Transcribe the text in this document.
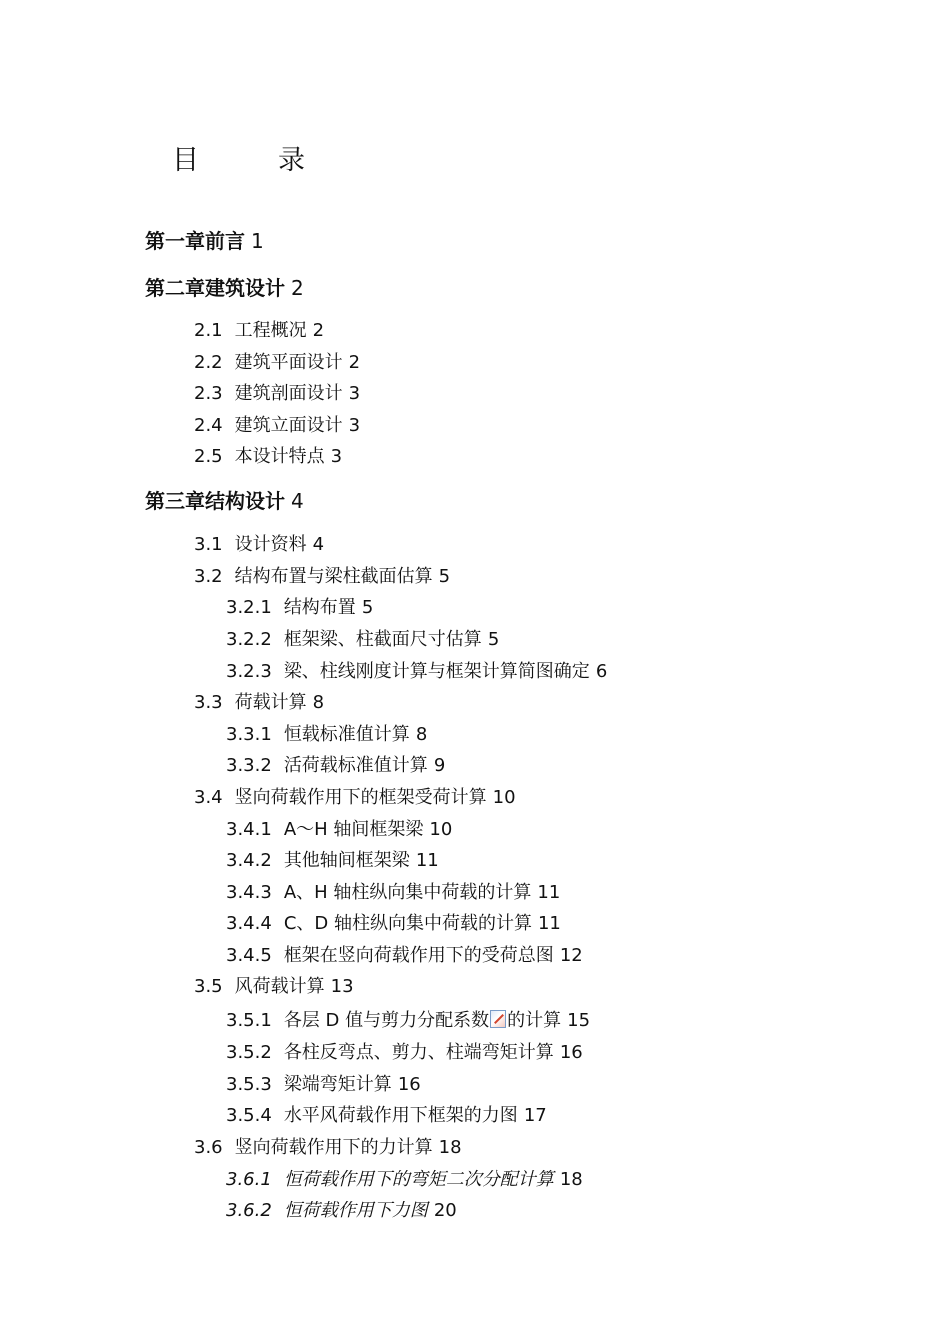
目　录
第一章前言 1
第二章建筑设计 2
2.1 工程概况 2
2.2 建筑平面设计 2
2.3 建筑剖面设计 3
2.4 建筑立面设计 3
2.5 本设计特点 3
第三章结构设计 4
3.1 设计资料 4
3.2 结构布置与梁柱截面估算 5
3.2.1 结构布置 5
3.2.2 框架梁、柱截面尺寸估算 5
3.2.3 梁、柱线刚度计算与框架计算简图确定 6
3.3 荷载计算 8
3.3.1 恒载标准值计算 8
3.3.2 活荷载标准值计算 9
3.4 竖向荷载作用下的框架受荷计算 10
3.4.1 A～H 轴间框架梁 10
3.4.2 其他轴间框架梁 11
3.4.3 A、H 轴柱纵向集中荷载的计算 11
3.4.4 C、D 轴柱纵向集中荷载的计算 11
3.4.5 框架在竖向荷载作用下的受荷总图 12
3.5 风荷载计算 13
3.5.1 各层 D 值与剪力分配系数 的计算 15
3.5.2 各柱反弯点、剪力、柱端弯矩计算 16
3.5.3 梁端弯矩计算 16
3.5.4 水平风荷载作用下框架的力图 17
3.6 竖向荷载作用下的力计算 18
3.6.1 恒荷载作用下的弯矩二次分配计算 18
3.6.2 恒荷载作用下力图 20
